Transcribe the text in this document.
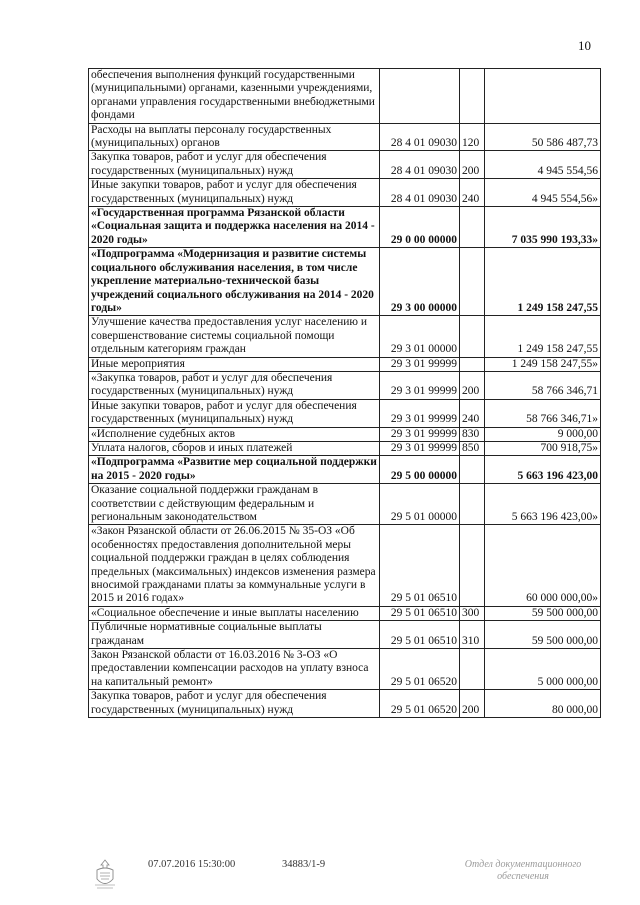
10
обеспечения выполнения функций государственными (муниципальными) органами, казенными учреждениями, органами управления государственными внебюджетными фондами			
Расходы на выплаты персоналу государственных (муниципальных) органов	28 4 01 09030	120	50 586 487,73
Закупка товаров, работ и услуг для обеспечения государственных (муниципальных) нужд	28 4 01 09030	200	4 945 554,56
Иные закупки товаров, работ и услуг для обеспечения государственных (муниципальных) нужд	28 4 01 09030	240	4 945 554,56»
«Государственная программа Рязанской области «Социальная защита и поддержка населения на 2014 - 2020 годы»	29 0 00 00000		7 035 990 193,33»
«Подпрограмма «Модернизация и развитие системы социального обслуживания населения, в том числе укрепление материально-технической базы учреждений социального обслуживания на 2014 - 2020 годы»	29 3 00 00000		1 249 158 247,55
Улучшение качества предоставления услуг населению и совершенствование системы социальной помощи отдельным категориям граждан	29 3 01 00000		1 249 158 247,55
Иные мероприятия	29 3 01 99999		1 249 158 247,55»
«Закупка товаров, работ и услуг для обеспечения государственных (муниципальных) нужд	29 3 01 99999	200	58 766 346,71
Иные закупки товаров, работ и услуг для обеспечения государственных (муниципальных) нужд	29 3 01 99999	240	58 766 346,71»
«Исполнение судебных актов	29 3 01 99999	830	9 000,00
Уплата налогов, сборов и иных платежей	29 3 01 99999	850	700 918,75»
«Подпрограмма «Развитие мер социальной поддержки на 2015 - 2020 годы»	29 5 00 00000		5 663 196 423,00
Оказание социальной поддержки гражданам в соответствии с действующим федеральным и региональным законодательством	29 5 01 00000		5 663 196 423,00»
«Закон Рязанской области от 26.06.2015 № 35-ОЗ «Об особенностях предоставления дополнительной меры социальной поддержки граждан в целях соблюдения предельных (максимальных) индексов изменения размера вносимой гражданами платы за коммунальные услуги в 2015 и 2016 годах»	29 5 01 06510		60 000 000,00»
«Социальное обеспечение и иные выплаты населению	29 5 01 06510	300	59 500 000,00
Публичные нормативные социальные выплаты гражданам	29 5 01 06510	310	59 500 000,00
Закон Рязанской области от 16.03.2016 № 3-ОЗ «О предоставлении компенсации расходов на уплату взноса на капитальный ремонт»	29 5 01 06520		5 000 000,00
Закупка товаров, работ и услуг для обеспечения государственных (муниципальных) нужд	29 5 01 06520	200	80 000,00
07.07.2016 15:30:00	34883/1-9	Отдел документационного
обеспечения
